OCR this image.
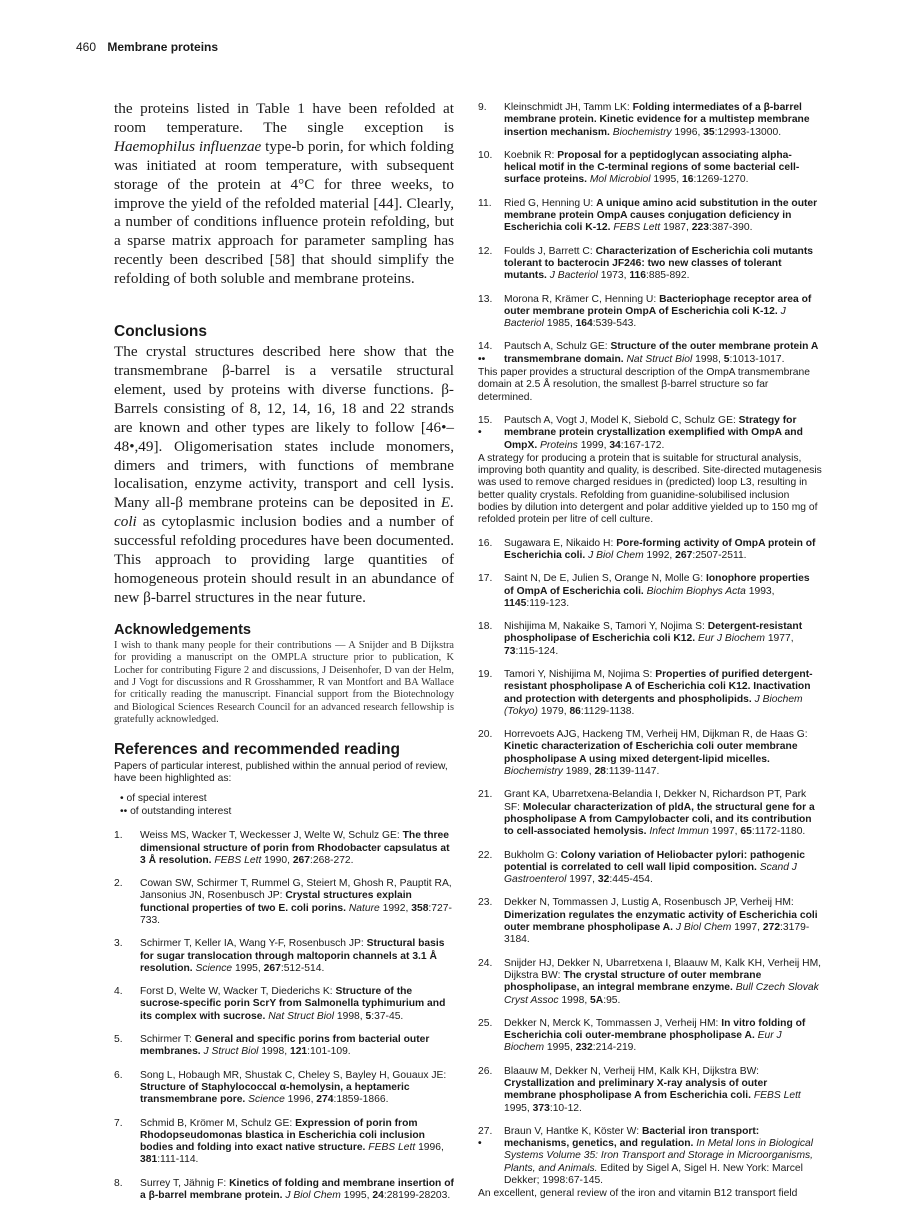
460 Membrane proteins

the proteins listed in Table 1 have been refolded at room temperature. The single exception is Haemophilus influenzae type-b porin, for which folding was initiated at room temperature, with subsequent storage of the protein at 4°C for three weeks, to improve the yield of the refolded material [44]. Clearly, a number of conditions influence protein refolding, but a sparse matrix approach for parameter sampling has recently been described [58] that should simplify the refolding of both soluble and membrane proteins.

Conclusions

The crystal structures described here show that the transmembrane β-barrel is a versatile structural element, used by proteins with diverse functions. β-Barrels consisting of 8, 12, 14, 16, 18 and 22 strands are known and other types are likely to follow [46•–48•,49]. Oligomerisation states include monomers, dimers and trimers, with functions of membrane localisation, enzyme activity, transport and cell lysis. Many all-β membrane proteins can be deposited in E. coli as cytoplasmic inclusion bodies and a number of successful refolding procedures have been documented. This approach to providing large quantities of homogeneous protein should result in an abundance of new β-barrel structures in the near future.

Acknowledgements

I wish to thank many people for their contributions — A Snijder and B Dijkstra for providing a manuscript on the OMPLA structure prior to publication, K Locher for contributing Figure 2 and discussions, J Deisenhofer, D van der Helm, and J Vogt for discussions and R Grosshammer, R van Montfort and BA Wallace for critically reading the manuscript. Financial support from the Biotechnology and Biological Sciences Research Council for an advanced research fellowship is gratefully acknowledged.

References and recommended reading

Papers of particular interest, published within the annual period of review, have been highlighted as:

• of special interest
•• of outstanding interest
1.	Weiss MS, Wacker T, Weckesser J, Welte W, Schulz GE: The three dimensional structure of porin from Rhodobacter capsulatus at 3 Å resolution. FEBS Lett 1990, 267:268-272.
2.	Cowan SW, Schirmer T, Rummel G, Steiert M, Ghosh R, Pauptit RA, Jansonius JN, Rosenbusch JP: Crystal structures explain functional properties of two E. coli porins. Nature 1992, 358:727-733.
3.	Schirmer T, Keller IA, Wang Y-F, Rosenbusch JP: Structural basis for sugar translocation through maltoporin channels at 3.1 Å resolution. Science 1995, 267:512-514.
4.	Forst D, Welte W, Wacker T, Diederichs K: Structure of the sucrose-specific porin ScrY from Salmonella typhimurium and its complex with sucrose. Nat Struct Biol 1998, 5:37-45.
5.	Schirmer T: General and specific porins from bacterial outer membranes. J Struct Biol 1998, 121:101-109.
6.	Song L, Hobaugh MR, Shustak C, Cheley S, Bayley H, Gouaux JE: Structure of Staphylococcal α-hemolysin, a heptameric transmembrane pore. Science 1996, 274:1859-1866.
7.	Schmid B, Krömer M, Schulz GE: Expression of porin from Rhodopseudomonas blastica in Escherichia coli inclusion bodies and folding into exact native structure. FEBS Lett 1996, 381:111-114.
8.	Surrey T, Jähnig F: Kinetics of folding and membrane insertion of a β-barrel membrane protein. J Biol Chem 1995, 24:28199-28203.
9.	Kleinschmidt JH, Tamm LK: Folding intermediates of a β-barrel membrane protein. Kinetic evidence for a multistep membrane insertion mechanism. Biochemistry 1996, 35:12993-13000.
10.	Koebnik R: Proposal for a peptidoglycan associating alpha-helical motif in the C-terminal regions of some bacterial cell-surface proteins. Mol Microbiol 1995, 16:1269-1270.
11.	Ried G, Henning U: A unique amino acid substitution in the outer membrane protein OmpA causes conjugation deficiency in Escherichia coli K-12. FEBS Lett 1987, 223:387-390.
12.	Foulds J, Barrett C: Characterization of Escherichia coli mutants tolerant to bacterocin JF246: two new classes of tolerant mutants. J Bacteriol 1973, 116:885-892.
13.	Morona R, Krämer C, Henning U: Bacteriophage receptor area of outer membrane protein OmpA of Escherichia coli K-12. J Bacteriol 1985, 164:539-543.
14.
••
Pautsch A, Schulz GE: Structure of the outer membrane protein A transmembrane domain. Nat Struct Biol 1998, 5:1013-1017.
This paper provides a structural description of the OmpA transmembrane domain at 2.5 Å resolution, the smallest β-barrel structure so far determined.
15.
•
Pautsch A, Vogt J, Model K, Siebold C, Schulz GE: Strategy for membrane protein crystallization exemplified with OmpA and OmpX. Proteins 1999, 34:167-172.
A strategy for producing a protein that is suitable for structural analysis, improving both quantity and quality, is described. Site-directed mutagenesis was used to remove charged residues in (predicted) loop L3, resulting in better quality crystals. Refolding from guanidine-solubilised inclusion bodies by dilution into detergent and polar additive yielded up to 150 mg of refolded protein per litre of cell culture.
16.	Sugawara E, Nikaido H: Pore-forming activity of OmpA protein of Escherichia coli. J Biol Chem 1992, 267:2507-2511.
17.	Saint N, De E, Julien S, Orange N, Molle G: Ionophore properties of OmpA of Escherichia coli. Biochim Biophys Acta 1993, 1145:119-123.
18.	Nishijima M, Nakaike S, Tamori Y, Nojima S: Detergent-resistant phospholipase of Escherichia coli K12. Eur J Biochem 1977, 73:115-124.
19.	Tamori Y, Nishijima M, Nojima S: Properties of purified detergent-resistant phospholipase A of Escherichia coli K12. Inactivation and protection with detergents and phospholipids. J Biochem (Tokyo) 1979, 86:1129-1138.
20.	Horrevoets AJG, Hackeng TM, Verheij HM, Dijkman R, de Haas G: Kinetic characterization of Escherichia coli outer membrane phospholipase A using mixed detergent-lipid micelles. Biochemistry 1989, 28:1139-1147.
21.	Grant KA, Ubarretxena-Belandia I, Dekker N, Richardson PT, Park SF: Molecular characterization of pldA, the structural gene for a phospholipase A from Campylobacter coli, and its contribution to cell-associated hemolysis. Infect Immun 1997, 65:1172-1180.
22.	Bukholm G: Colony variation of Heliobacter pylori: pathogenic potential is correlated to cell wall lipid composition. Scand J Gastroenterol 1997, 32:445-454.
23.	Dekker N, Tommassen J, Lustig A, Rosenbusch JP, Verheij HM: Dimerization regulates the enzymatic activity of Escherichia coli outer membrane phospholipase A. J Biol Chem 1997, 272:3179-3184.
24.	Snijder HJ, Dekker N, Ubarretxena I, Blaauw M, Kalk KH, Verheij HM, Dijkstra BW: The crystal structure of outer membrane phospholipase, an integral membrane enzyme. Bull Czech Slovak Cryst Assoc 1998, 5A:95.
25.	Dekker N, Merck K, Tommassen J, Verheij HM: In vitro folding of Escherichia coli outer-membrane phospholipase A. Eur J Biochem 1995, 232:214-219.
26.	Blaauw M, Dekker N, Verheij HM, Kalk KH, Dijkstra BW: Crystallization and preliminary X-ray analysis of outer membrane phospholipase A from Escherichia coli. FEBS Lett 1995, 373:10-12.
27.
•
Braun V, Hantke K, Köster W: Bacterial iron transport: mechanisms, genetics, and regulation. In Metal Ions in Biological Systems Volume 35: Iron Transport and Storage in Microorganisms, Plants, and Animals. Edited by Sigel A, Sigel H. New York: Marcel Dekker; 1998:67-145.
An excellent, general review of the iron and vitamin B12 transport field
